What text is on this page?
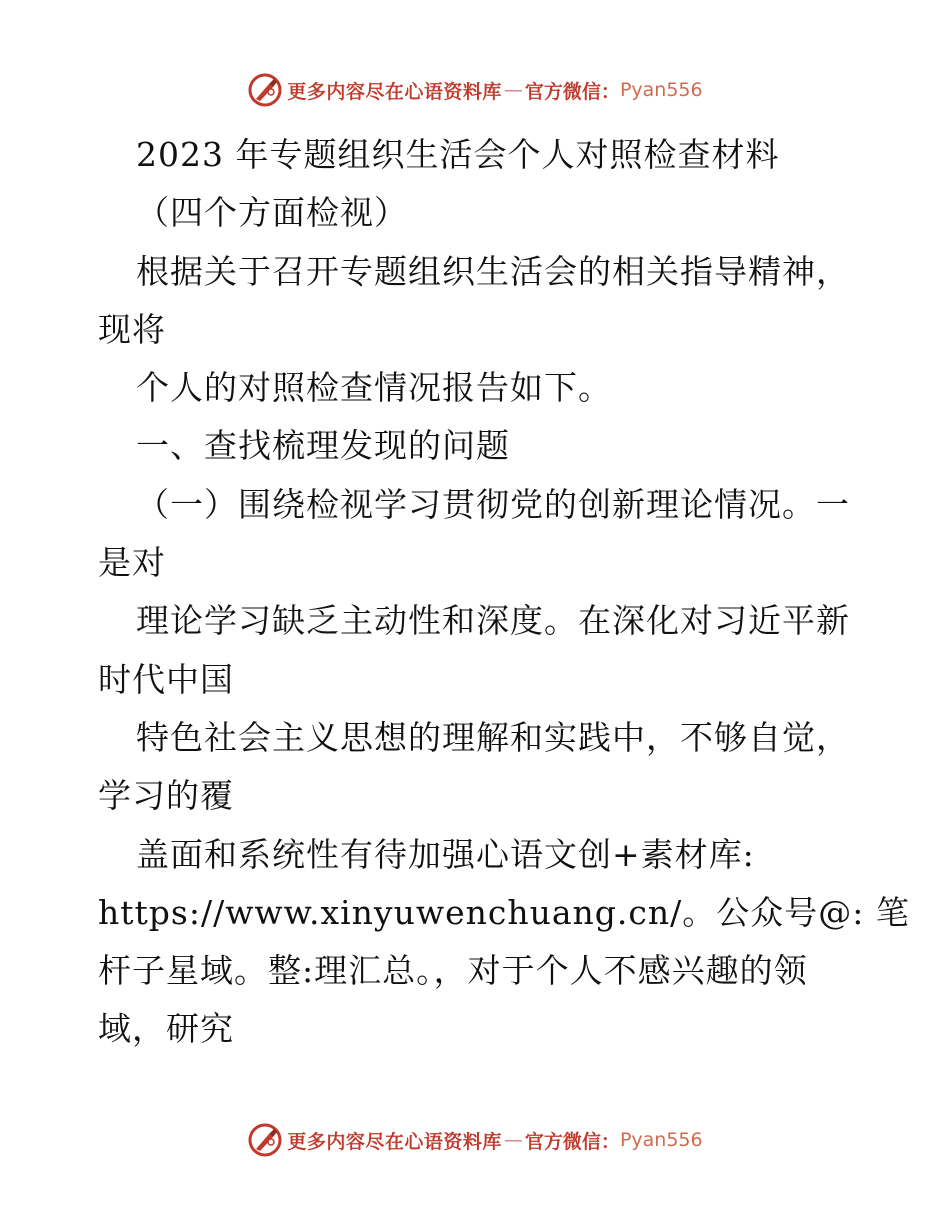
更多内容尽在心语资料库 — 官方微信： Pyan556
2023 年专题组织生活会个人对照检查材料
（四个方面检视）
根据关于召开专题组织生活会的相关指导精神，
现将
个人的对照检查情况报告如下。
一、查找梳理发现的问题
（一）围绕检视学习贯彻党的创新理论情况。一
是对
理论学习缺乏主动性和深度。在深化对习近平新
时代中国
特色社会主义思想的理解和实践中，不够自觉，
学习的覆
盖面和系统性有待加强心语文创+素材库:
https://www.xinyuwenchuang.cn/。公众号@: 笔
杆子星域。整:理汇总。，对于个人不感兴趣的领
域，研究
更多内容尽在心语资料库 — 官方微信： Pyan556
